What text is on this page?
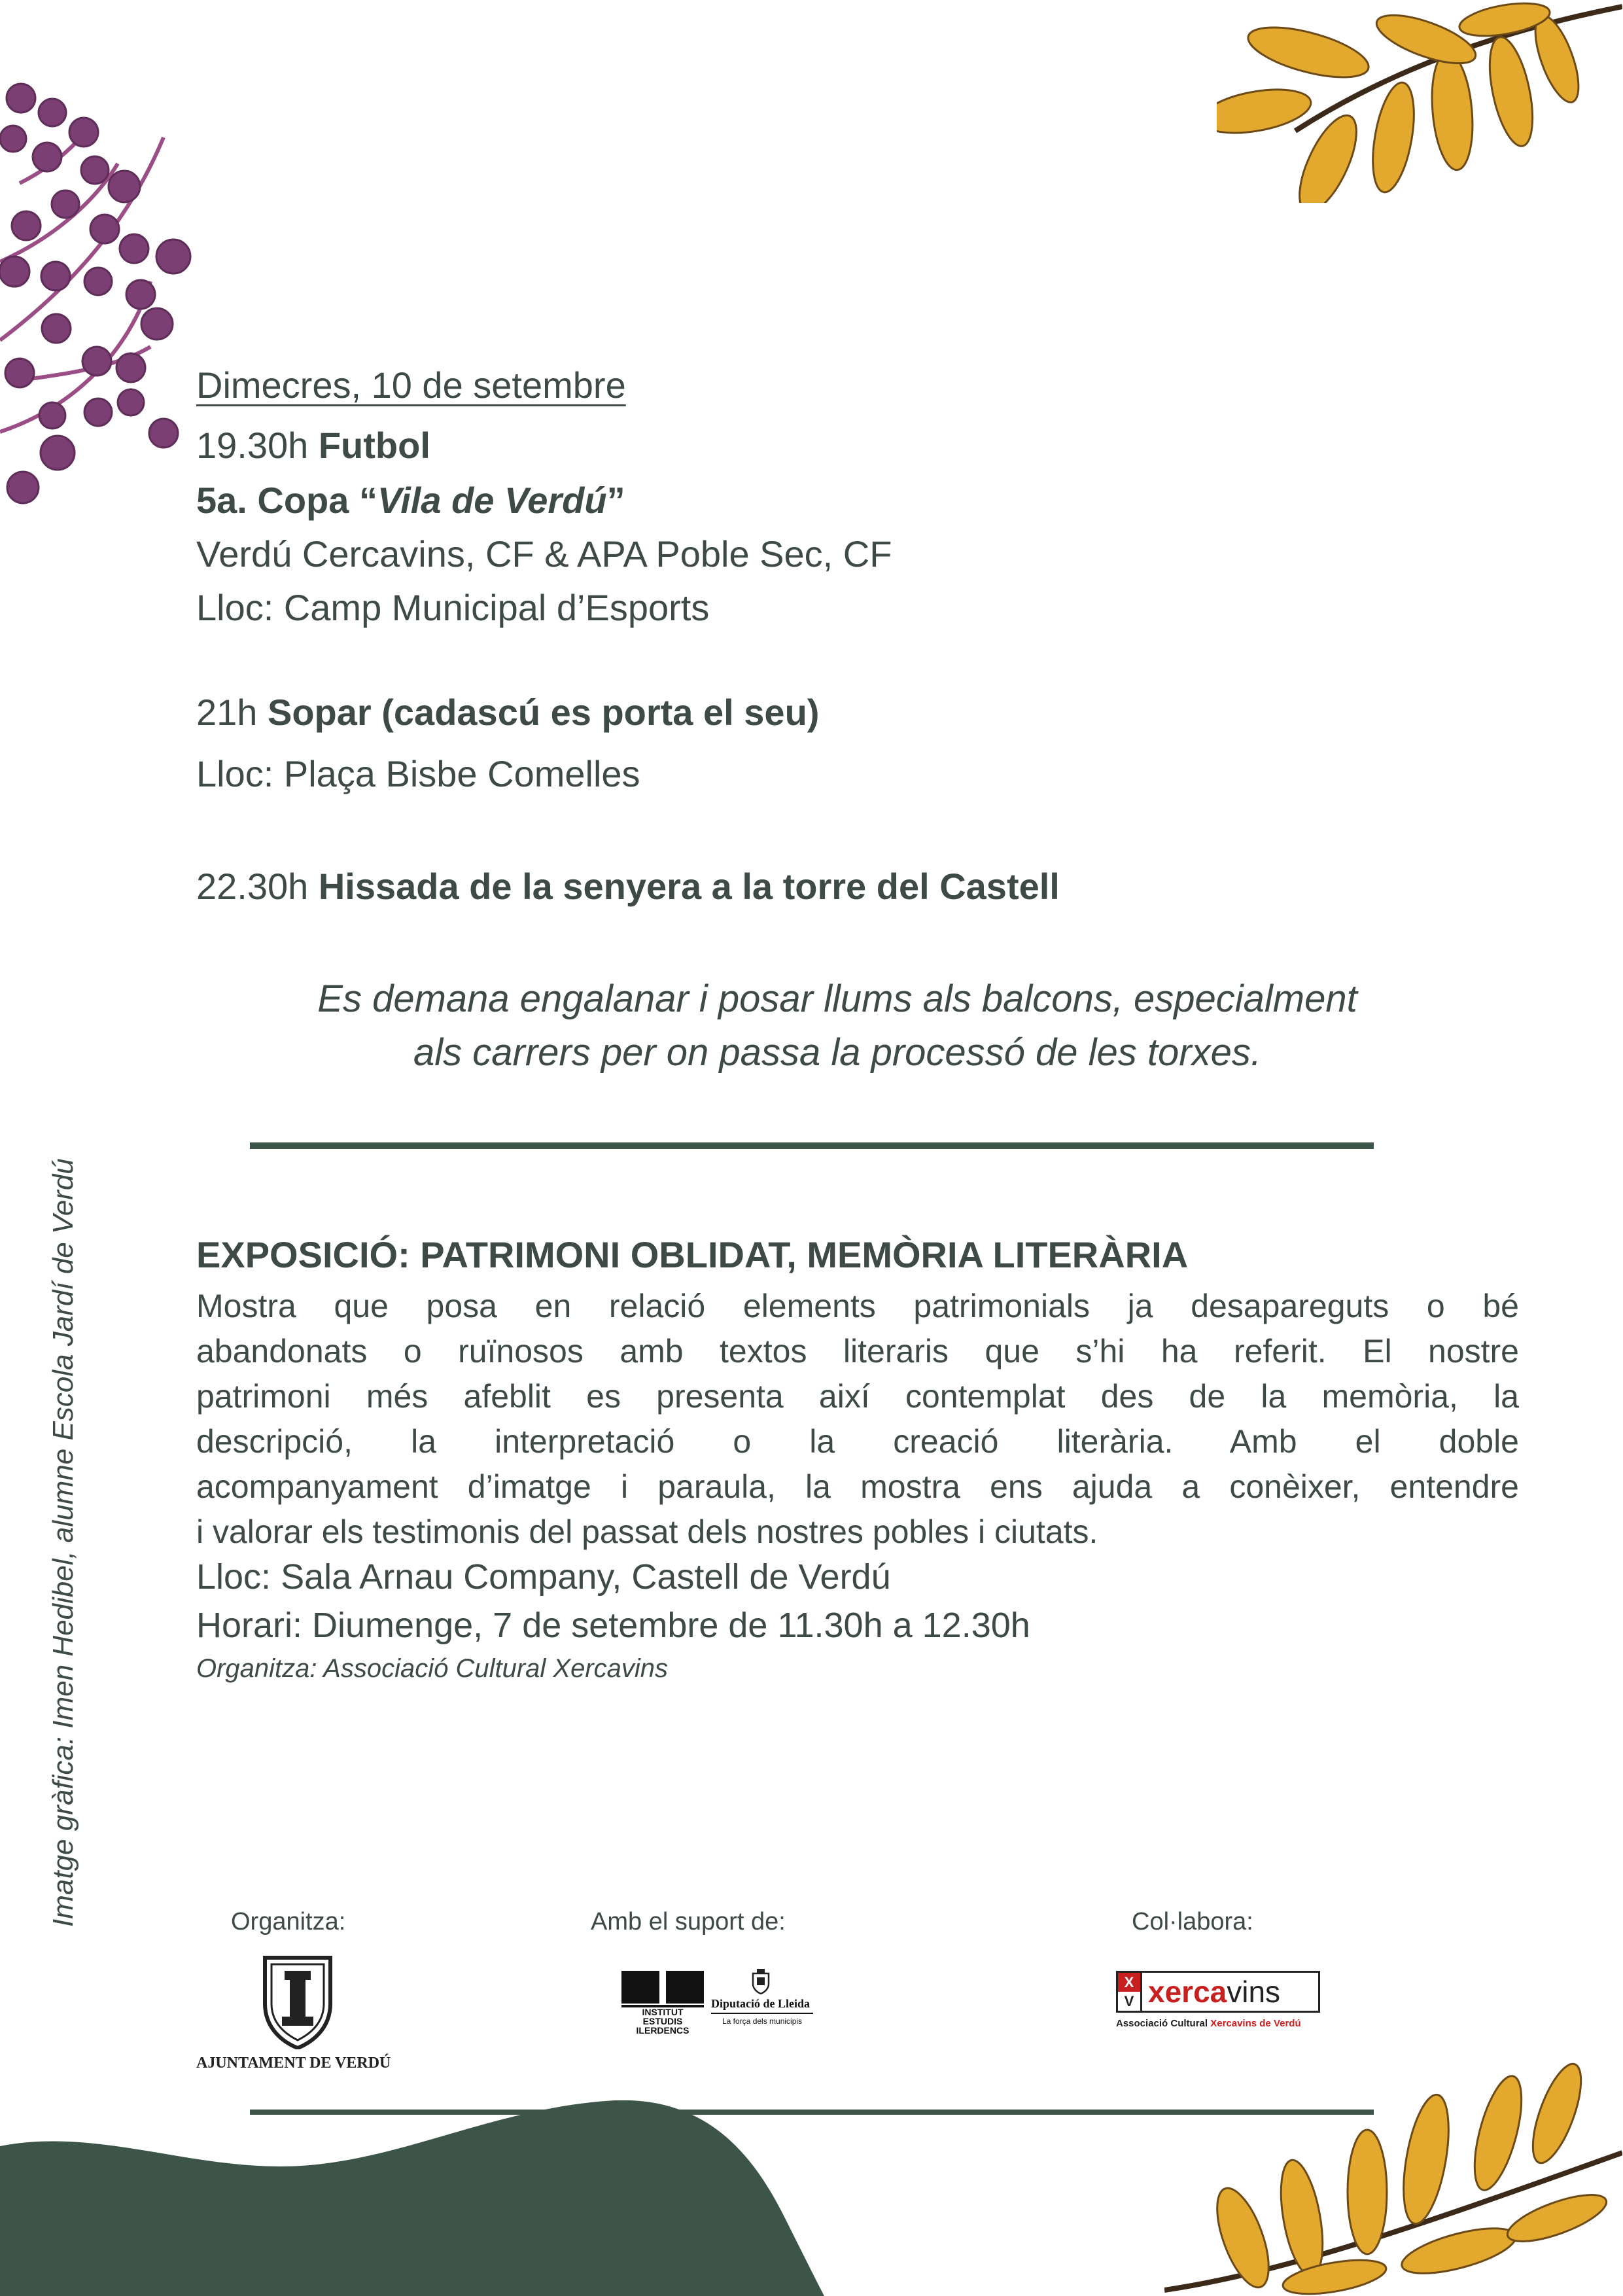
Imatge gràfica: Imen Hedibel, alumne Escola Jardí de Verdú
Dimecres, 10 de setembre
19.30h Futbol
5a. Copa “Vila de Verdú”
Verdú Cercavins, CF & APA Poble Sec, CF
Lloc: Camp Municipal d’Esports
21h Sopar (cadascú es porta el seu)
Lloc: Plaça Bisbe Comelles
22.30h Hissada de la senyera a la torre del Castell
Es demana engalanar i posar llums als balcons, especialment
als carrers per on passa la processó de les torxes.
EXPOSICIÓ: PATRIMONI OBLIDAT, MEMÒRIA LITERÀRIA
Mostra que posa en relació elements patrimonials ja desapareguts o bé
abandonats o ruïnosos amb textos literaris que s’hi ha referit. El nostre
patrimoni més afeblit es presenta així contemplat des de la memòria, la
descripció, la interpretació o la creació literària. Amb el doble
acompanyament d’imatge i paraula, la mostra ens ajuda a conèixer, entendre
i valorar els testimonis del passat dels nostres pobles i ciutats.
Lloc: Sala Arnau Company, Castell de Verdú
Horari: Diumenge, 7 de setembre de 11.30h a 12.30h
Organitza: Associació Cultural Xercavins
Organitza:	Amb el suport de:	Col·labora:
AJUNTAMENT DE VERDÚ
INSTITUT
ESTUDIS
ILERDENCS
Diputació de Lleida
La força dels municipis
X
V xercavins
Associació Cultural Xercavins de Verdú
